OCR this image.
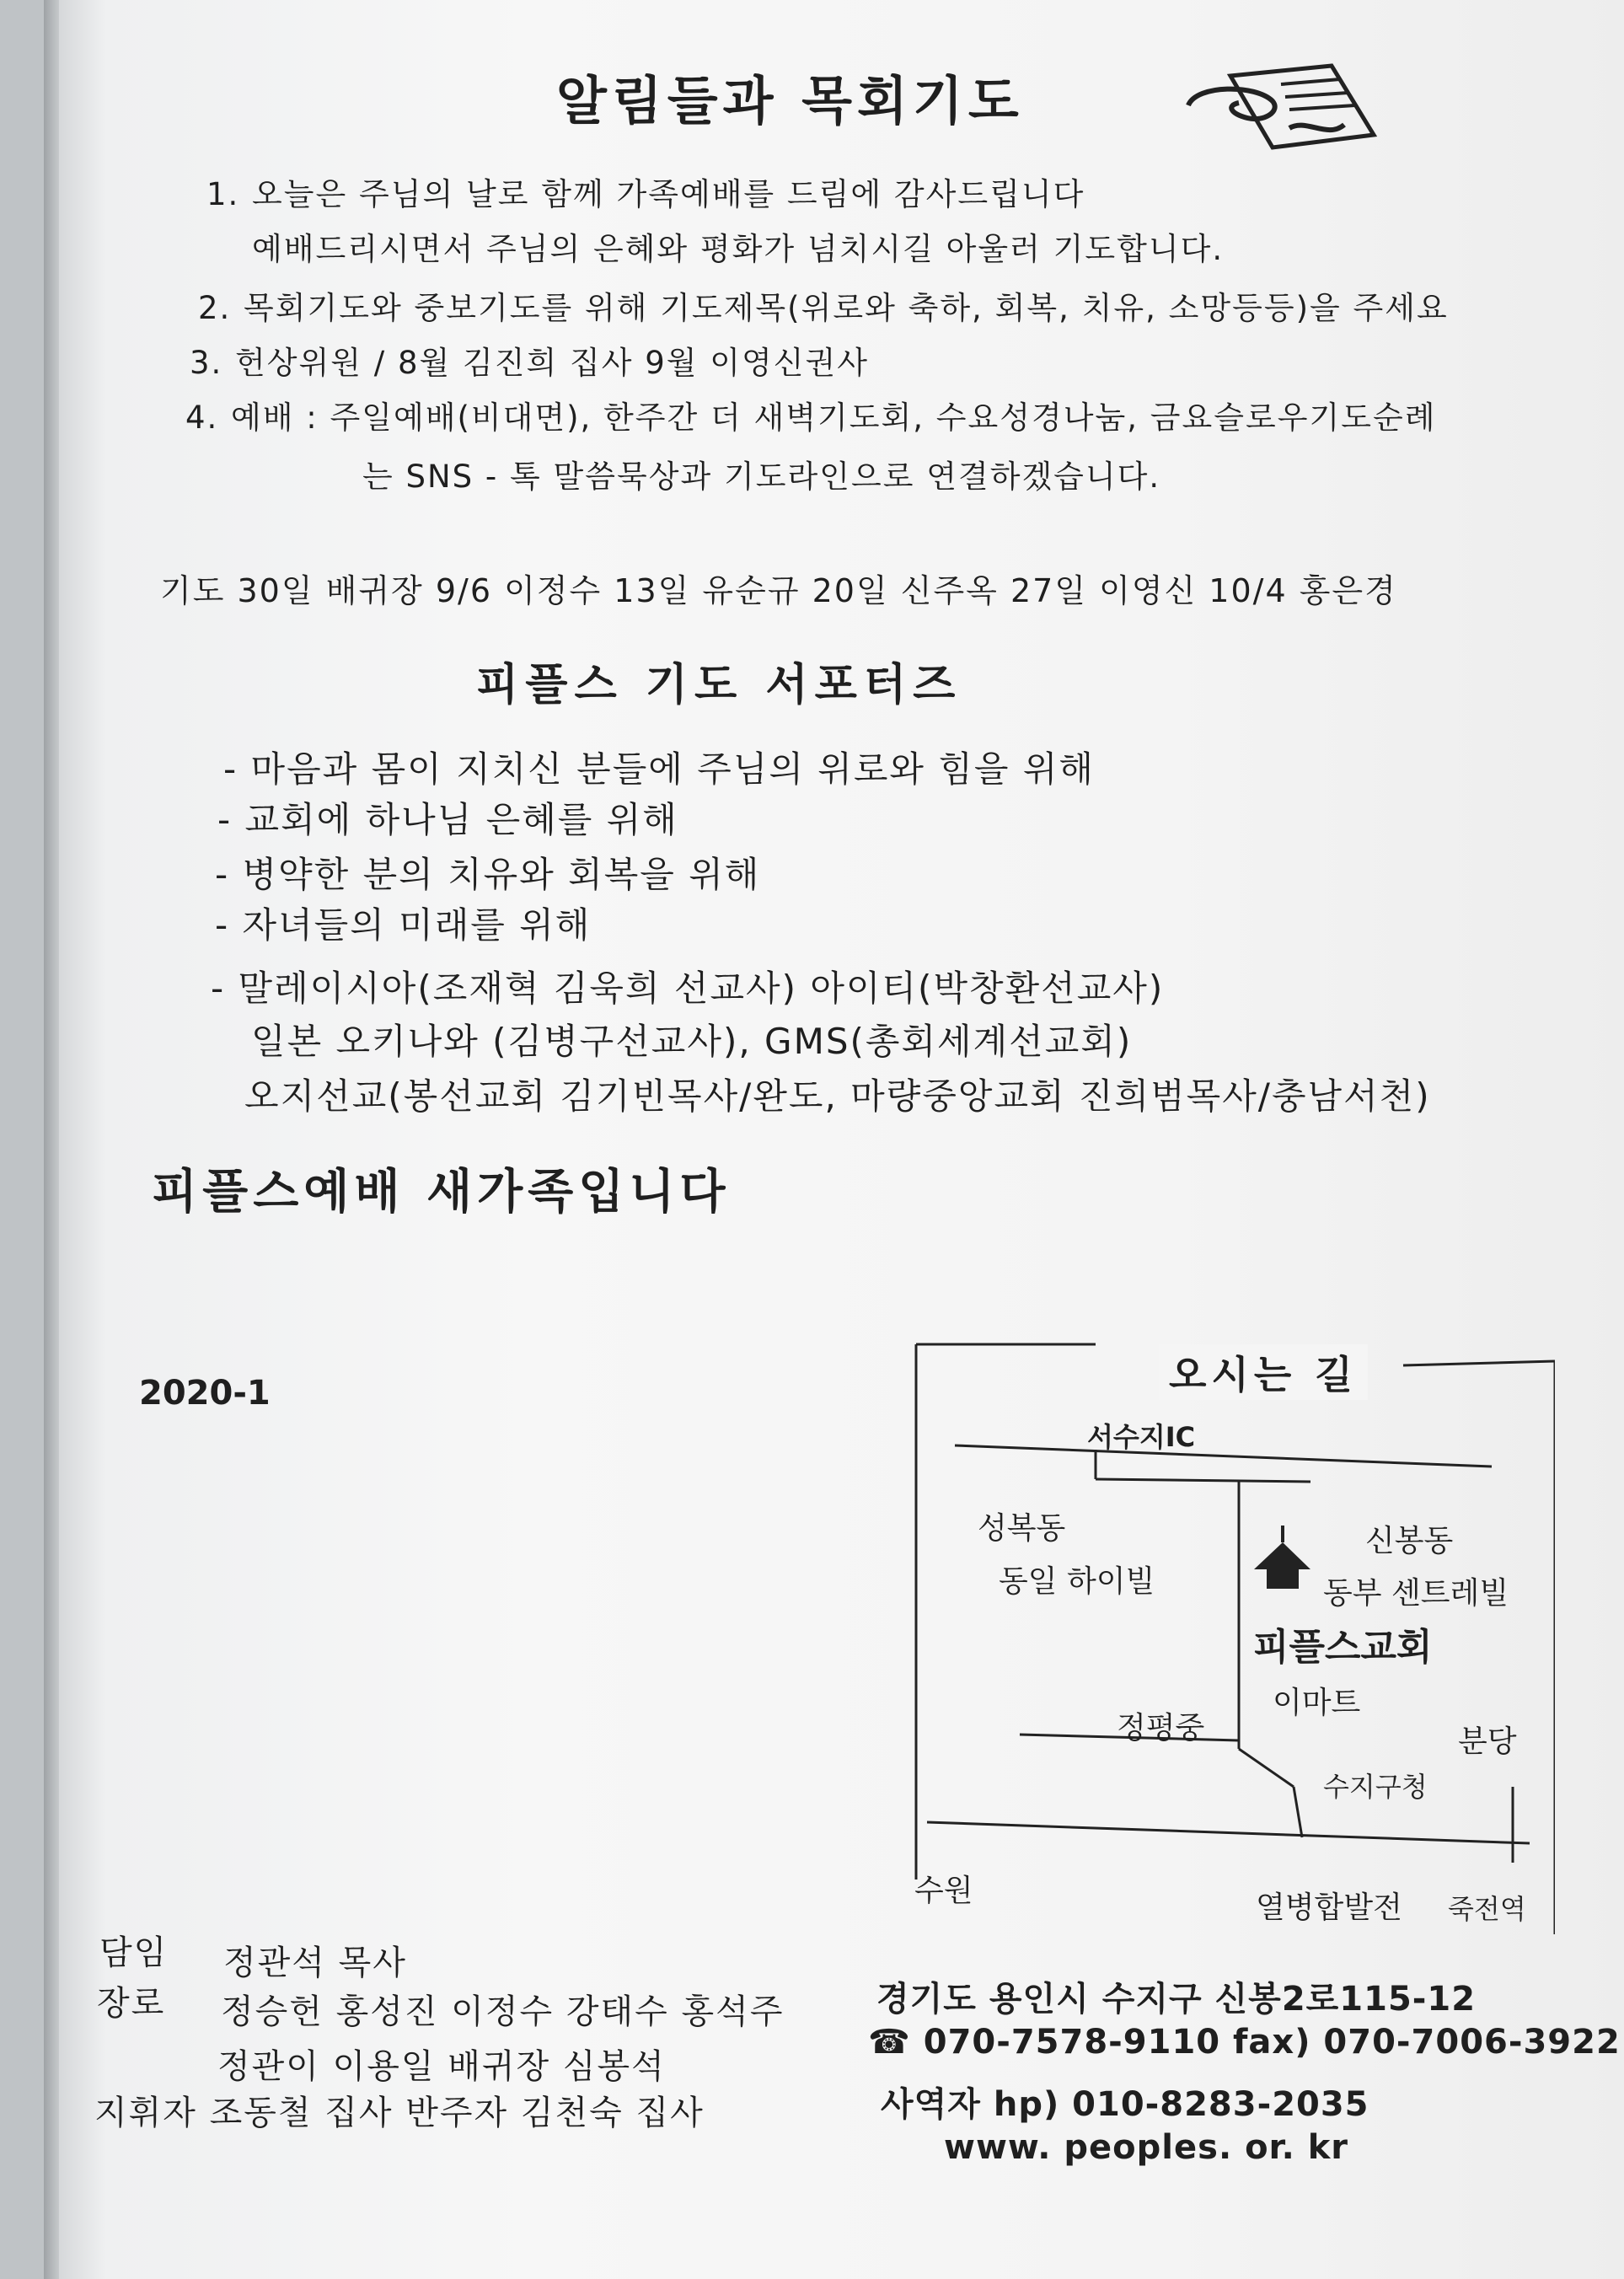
알림들과 목회기도
1. 오늘은 주님의 날로 함께 가족예배를 드림에 감사드립니다
예배드리시면서 주님의 은혜와 평화가 넘치시길 아울러 기도합니다.
2. 목회기도와 중보기도를 위해 기도제목(위로와 축하, 회복, 치유, 소망등등)을 주세요
3. 헌상위원 / 8월 김진희 집사 9월 이영신권사
4. 예배 : 주일예배(비대면), 한주간 더 새벽기도회, 수요성경나눔, 금요슬로우기도순례
는 SNS - 톡 말씀묵상과 기도라인으로 연결하겠습니다.
기도 30일 배귀장 9/6 이정수 13일 유순규 20일 신주옥 27일 이영신 10/4 홍은경
피플스 기도 서포터즈
- 마음과 몸이 지치신 분들에 주님의 위로와 힘을 위해
- 교회에 하나님 은혜를 위해
- 병약한 분의 치유와 회복을 위해
- 자녀들의 미래를 위해
- 말레이시아(조재혁 김욱희 선교사) 아이티(박창환선교사)
일본 오키나와 (김병구선교사), GMS(총회세계선교회)
오지선교(봉선교회 김기빈목사/완도, 마량중앙교회 진희범목사/충남서천)
피플스예배 새가족입니다
2020-1	오시는 길
서수지IC
성복동
동일 하이빌
신봉동
동부 센트레빌
피플스교회
이마트
정평중	분당
수지구청
수원	열병합발전 죽전역
담임 정관석 목사
장로 정승헌 홍성진 이정수 강태수 홍석주
정관이 이용일 배귀장 심봉석
지휘자 조동철 집사 반주자 김천숙 집사
경기도 용인시 수지구 신봉2로115-12
☎ 070-7578-9110 fax) 070-7006-3922
사역자 hp) 010-8283-2035
www. peoples. or. kr
